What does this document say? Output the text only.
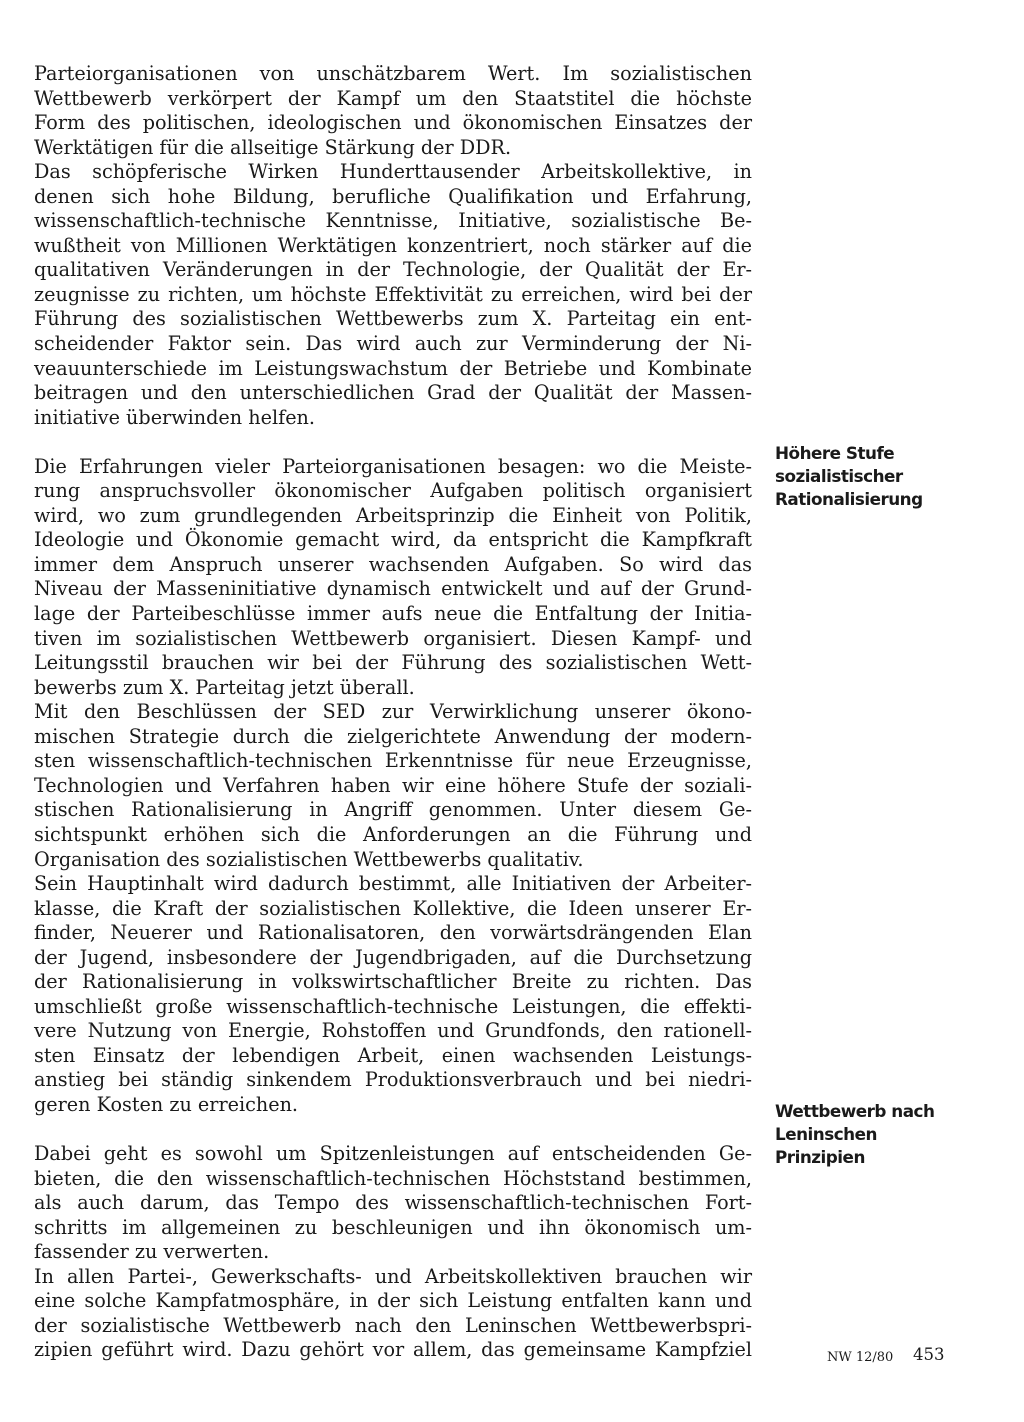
Parteiorganisationen von unschätzbarem Wert. Im sozialistischen
Wettbewerb verkörpert der Kampf um den Staatstitel die höchste
Form des politischen, ideologischen und ökonomischen Einsatzes der
Werktätigen für die allseitige Stärkung der DDR.
Das schöpferische Wirken Hunderttausender Arbeitskollektive, in
denen sich hohe Bildung, berufliche Qualifikation und Erfahrung,
wissenschaftlich-technische Kenntnisse, Initiative, sozialistische Be-
wußtheit von Millionen Werktätigen konzentriert, noch stärker auf die
qualitativen Veränderungen in der Technologie, der Qualität der Er-
zeugnisse zu richten, um höchste Effektivität zu erreichen, wird bei der
Führung des sozialistischen Wettbewerbs zum X. Parteitag ein ent-
scheidender Faktor sein. Das wird auch zur Verminderung der Ni-
veauunterschiede im Leistungswachstum der Betriebe und Kombinate
beitragen und den unterschiedlichen Grad der Qualität der Massen-
initiative überwinden helfen.
Die Erfahrungen vieler Parteiorganisationen besagen: wo die Meiste-
rung anspruchsvoller ökonomischer Aufgaben politisch organisiert
wird, wo zum grundlegenden Arbeitsprinzip die Einheit von Politik,
Ideologie und Ökonomie gemacht wird, da entspricht die Kampfkraft
immer dem Anspruch unserer wachsenden Aufgaben. So wird das
Niveau der Masseninitiative dynamisch entwickelt und auf der Grund-
lage der Parteibeschlüsse immer aufs neue die Entfaltung der Initia-
tiven im sozialistischen Wettbewerb organisiert. Diesen Kampf- und
Leitungsstil brauchen wir bei der Führung des sozialistischen Wett-
bewerbs zum X. Parteitag jetzt überall.
Mit den Beschlüssen der SED zur Verwirklichung unserer ökono-
mischen Strategie durch die zielgerichtete Anwendung der modern-
sten wissenschaftlich-technischen Erkenntnisse für neue Erzeugnisse,
Technologien und Verfahren haben wir eine höhere Stufe der soziali-
stischen Rationalisierung in Angriff genommen. Unter diesem Ge-
sichtspunkt erhöhen sich die Anforderungen an die Führung und
Organisation des sozialistischen Wettbewerbs qualitativ.
Sein Hauptinhalt wird dadurch bestimmt, alle Initiativen der Arbeiter-
klasse, die Kraft der sozialistischen Kollektive, die Ideen unserer Er-
finder, Neuerer und Rationalisatoren, den vorwärtsdrängenden Elan
der Jugend, insbesondere der Jugendbrigaden, auf die Durchsetzung
der Rationalisierung in volkswirtschaftlicher Breite zu richten. Das
umschließt große wissenschaftlich-technische Leistungen, die effekti-
vere Nutzung von Energie, Rohstoffen und Grundfonds, den rationell-
sten Einsatz der lebendigen Arbeit, einen wachsenden Leistungs-
anstieg bei ständig sinkendem Produktionsverbrauch und bei niedri-
geren Kosten zu erreichen.
Dabei geht es sowohl um Spitzenleistungen auf entscheidenden Ge-
bieten, die den wissenschaftlich-technischen Höchststand bestimmen,
als auch darum, das Tempo des wissenschaftlich-technischen Fort-
schritts im allgemeinen zu beschleunigen und ihn ökonomisch um-
fassender zu verwerten.
In allen Partei-, Gewerkschafts- und Arbeitskollektiven brauchen wir
eine solche Kampfatmosphäre, in der sich Leistung entfalten kann und
der sozialistische Wettbewerb nach den Leninschen Wettbewerbspri-
zipien geführt wird. Dazu gehört vor allem, das gemeinsame Kampfziel
Höhere Stufe
sozialistischer
Rationalisierung
Wettbewerb nach
Leninschen
Prinzipien
NW 12/80 453
